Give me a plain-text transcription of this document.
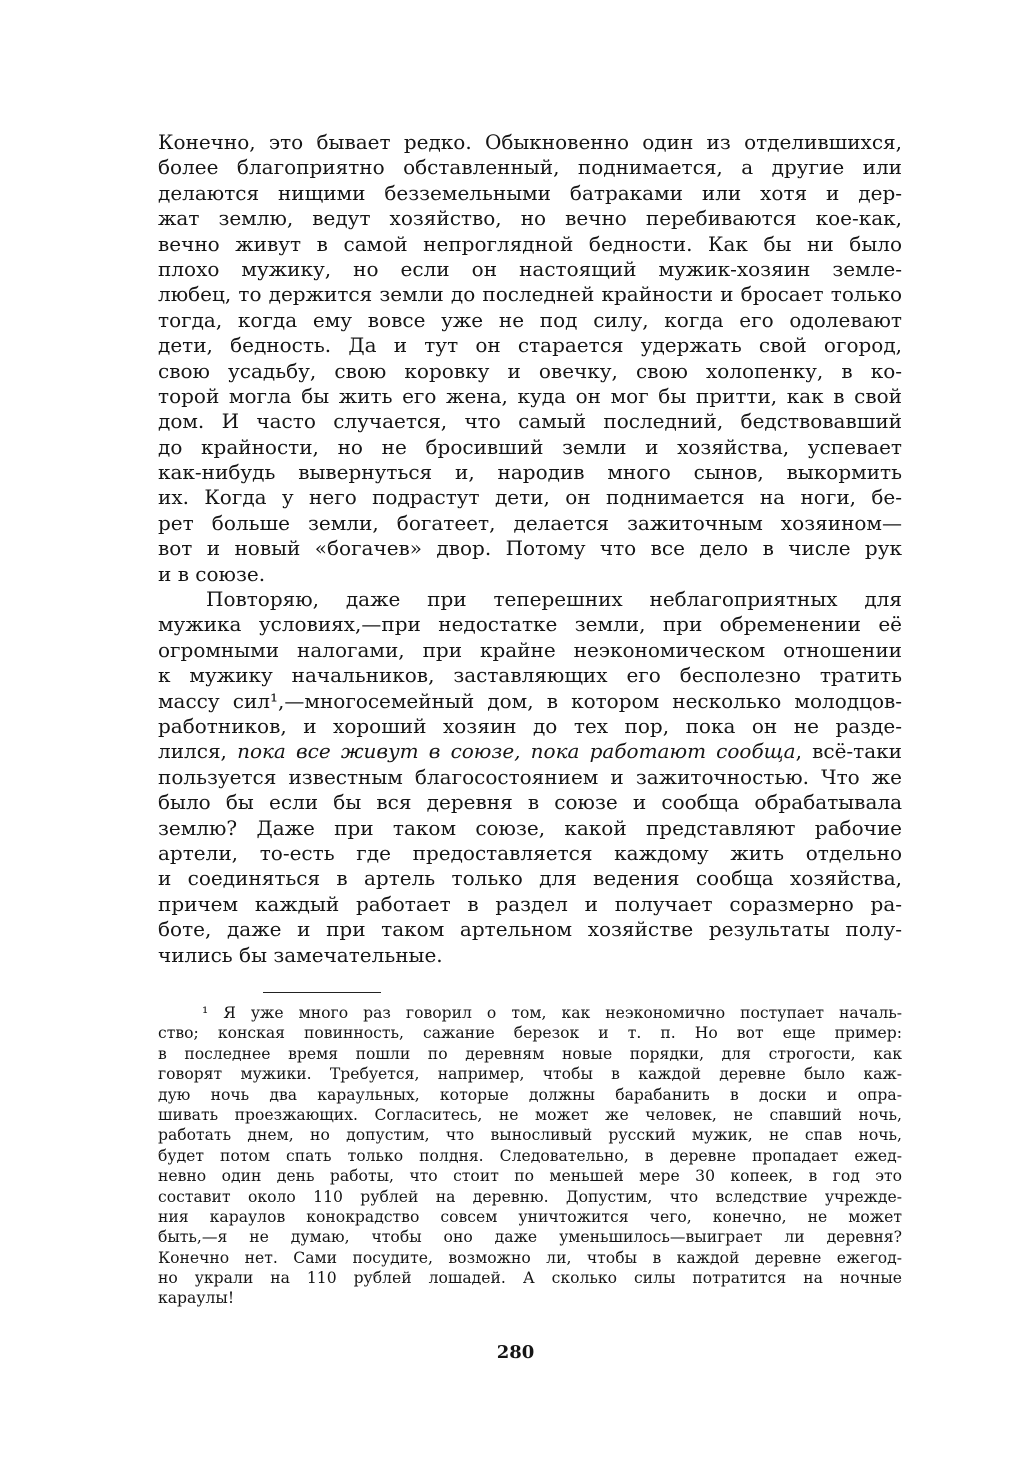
Конечно, это бывает редко. Обыкновенно один из отделившихся,
более благоприятно обставленный, поднимается, а другие или
делаются нищими безземельными батраками или хотя и дер-
жат землю, ведут хозяйство, но вечно перебиваются кое-как,
вечно живут в самой непроглядной бедности. Как бы ни было
плохо мужику, но если он настоящий мужик-хозяин земле-
любец, то держится земли до последней крайности и бросает только
тогда, когда ему вовсе уже не под силу, когда его одолевают
дети, бедность. Да и тут он старается удержать свой огород,
свою усадьбу, свою коровку и овечку, свою холопенку, в ко-
торой могла бы жить его жена, куда он мог бы притти, как в свой
дом. И часто случается, что самый последний, бедствовавший
до крайности, но не бросивший земли и хозяйства, успевает
как-нибудь вывернуться и, народив много сынов, выкормить
их. Когда у него подрастут дети, он поднимается на ноги, бе-
рет больше земли, богатеет, делается зажиточным хозяином—
вот и новый «богачев» двор. Потому что все дело в числе рук
и в союзе.
Повторяю, даже при теперешних неблагоприятных для
мужика условиях,—при недостатке земли, при обременении её
огромными налогами, при крайне неэкономическом отношении
к мужику начальников, заставляющих его бесполезно тратить
массу сил¹,—многосемейный дом, в котором несколько молодцов-
работников, и хороший хозяин до тех пор, пока он не разде-
лился, пока все живут в союзе, пока работают сообща, всё-таки
пользуется известным благосостоянием и зажиточностью. Что же
было бы если бы вся деревня в союзе и сообща обрабатывала
землю? Даже при таком союзе, какой представляют рабочие
артели, то-есть где предоставляется каждому жить отдельно
и соединяться в артель только для ведения сообща хозяйства,
причем каждый работает в раздел и получает соразмерно ра-
боте, даже и при таком артельном хозяйстве результаты полу-
чились бы замечательные.
¹ Я уже много раз говорил о том, как неэкономично поступает началь-
ство; конская повинность, сажание березок и т. п. Но вот еще пример:
в последнее время пошли по деревням новые порядки, для строгости, как
говорят мужики. Требуется, например, чтобы в каждой деревне было каж-
дую ночь два караульных, которые должны барабанить в доски и опра-
шивать проезжающих. Согласитесь, не может же человек, не спавший ночь,
работать днем, но допустим, что выносливый русский мужик, не спав ночь,
будет потом спать только полдня. Следовательно, в деревне пропадает ежед-
невно один день работы, что стоит по меньшей мере 30 копеек, в год это
составит около 110 рублей на деревню. Допустим, что вследствие учрежде-
ния караулов конокрадство совсем уничтожится чего, конечно, не может
быть,—я не думаю, чтобы оно даже уменьшилось—выиграет ли деревня?
Конечно нет. Сами посудите, возможно ли, чтобы в каждой деревне ежегод-
но украли на 110 рублей лошадей. А сколько силы потратится на ночные
караулы!
280
